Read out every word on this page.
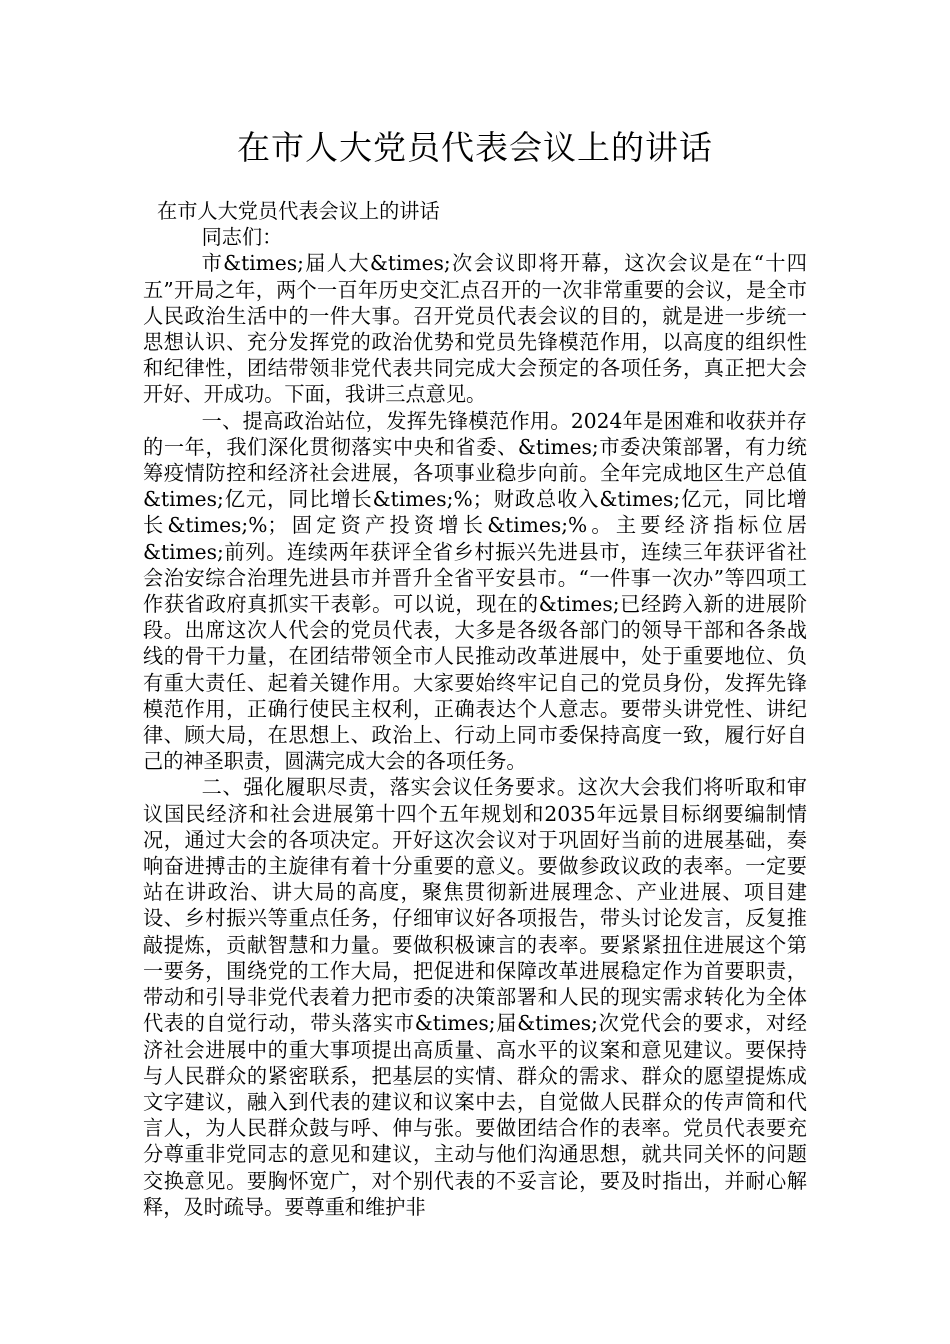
在市人大党员代表会议上的讲话

在市人大党员代表会议上的讲话

同志们：

市&times;届人大&times;次会议即将开幕，这次会议是在“十四五”开局之年，两个一百年历史交汇点召开的一次非常重要的会议，是全市人民政治生活中的一件大事。召开党员代表会议的目的，就是进一步统一思想认识、充分发挥党的政治优势和党员先锋模范作用，以高度的组织性和纪律性，团结带领非党代表共同完成大会预定的各项任务，真正把大会开好、开成功。下面，我讲三点意见。

一、提高政治站位，发挥先锋模范作用。2024年是困难和收获并存的一年，我们深化贯彻落实中央和省委、&times;市委决策部署，有力统筹疫情防控和经济社会进展，各项事业稳步向前。全年完成地区生产总值&times;亿元，同比增长&times;%；财政总收入&times;亿元，同比增长&times;%；固定资产投资增长&times;%。主要经济指标位居&times;前列。连续两年获评全省乡村振兴先进县市，连续三年获评省社会治安综合治理先进县市并晋升全省平安县市。“一件事一次办”等四项工作获省政府真抓实干表彰。可以说，现在的&times;已经跨入新的进展阶段。出席这次人代会的党员代表，大多是各级各部门的领导干部和各条战线的骨干力量，在团结带领全市人民推动改革进展中，处于重要地位、负有重大责任、起着关键作用。大家要始终牢记自己的党员身份，发挥先锋模范作用，正确行使民主权利，正确表达个人意志。要带头讲党性、讲纪律、顾大局，在思想上、政治上、行动上同市委保持高度一致，履行好自己的神圣职责，圆满完成大会的各项任务。

二、强化履职尽责，落实会议任务要求。这次大会我们将听取和审议国民经济和社会进展第十四个五年规划和2035年远景目标纲要编制情况，通过大会的各项决定。开好这次会议对于巩固好当前的进展基础，奏响奋进搏击的主旋律有着十分重要的意义。要做参政议政的表率。一定要站在讲政治、讲大局的高度，聚焦贯彻新进展理念、产业进展、项目建设、乡村振兴等重点任务，仔细审议好各项报告，带头讨论发言，反复推敲提炼，贡献智慧和力量。要做积极谏言的表率。要紧紧扭住进展这个第一要务，围绕党的工作大局，把促进和保障改革进展稳定作为首要职责，带动和引导非党代表着力把市委的决策部署和人民的现实需求转化为全体代表的自觉行动，带头落实市&times;届&times;次党代会的要求，对经济社会进展中的重大事项提出高质量、高水平的议案和意见建议。要保持与人民群众的紧密联系，把基层的实情、群众的需求、群众的愿望提炼成文字建议，融入到代表的建议和议案中去，自觉做人民群众的传声筒和代言人，为人民群众鼓与呼、伸与张。要做团结合作的表率。党员代表要充分尊重非党同志的意见和建议，主动与他们沟通思想，就共同关怀的问题交换意见。要胸怀宽广，对个别代表的不妥言论，要及时指出，并耐心解释，及时疏导。要尊重和维护非
